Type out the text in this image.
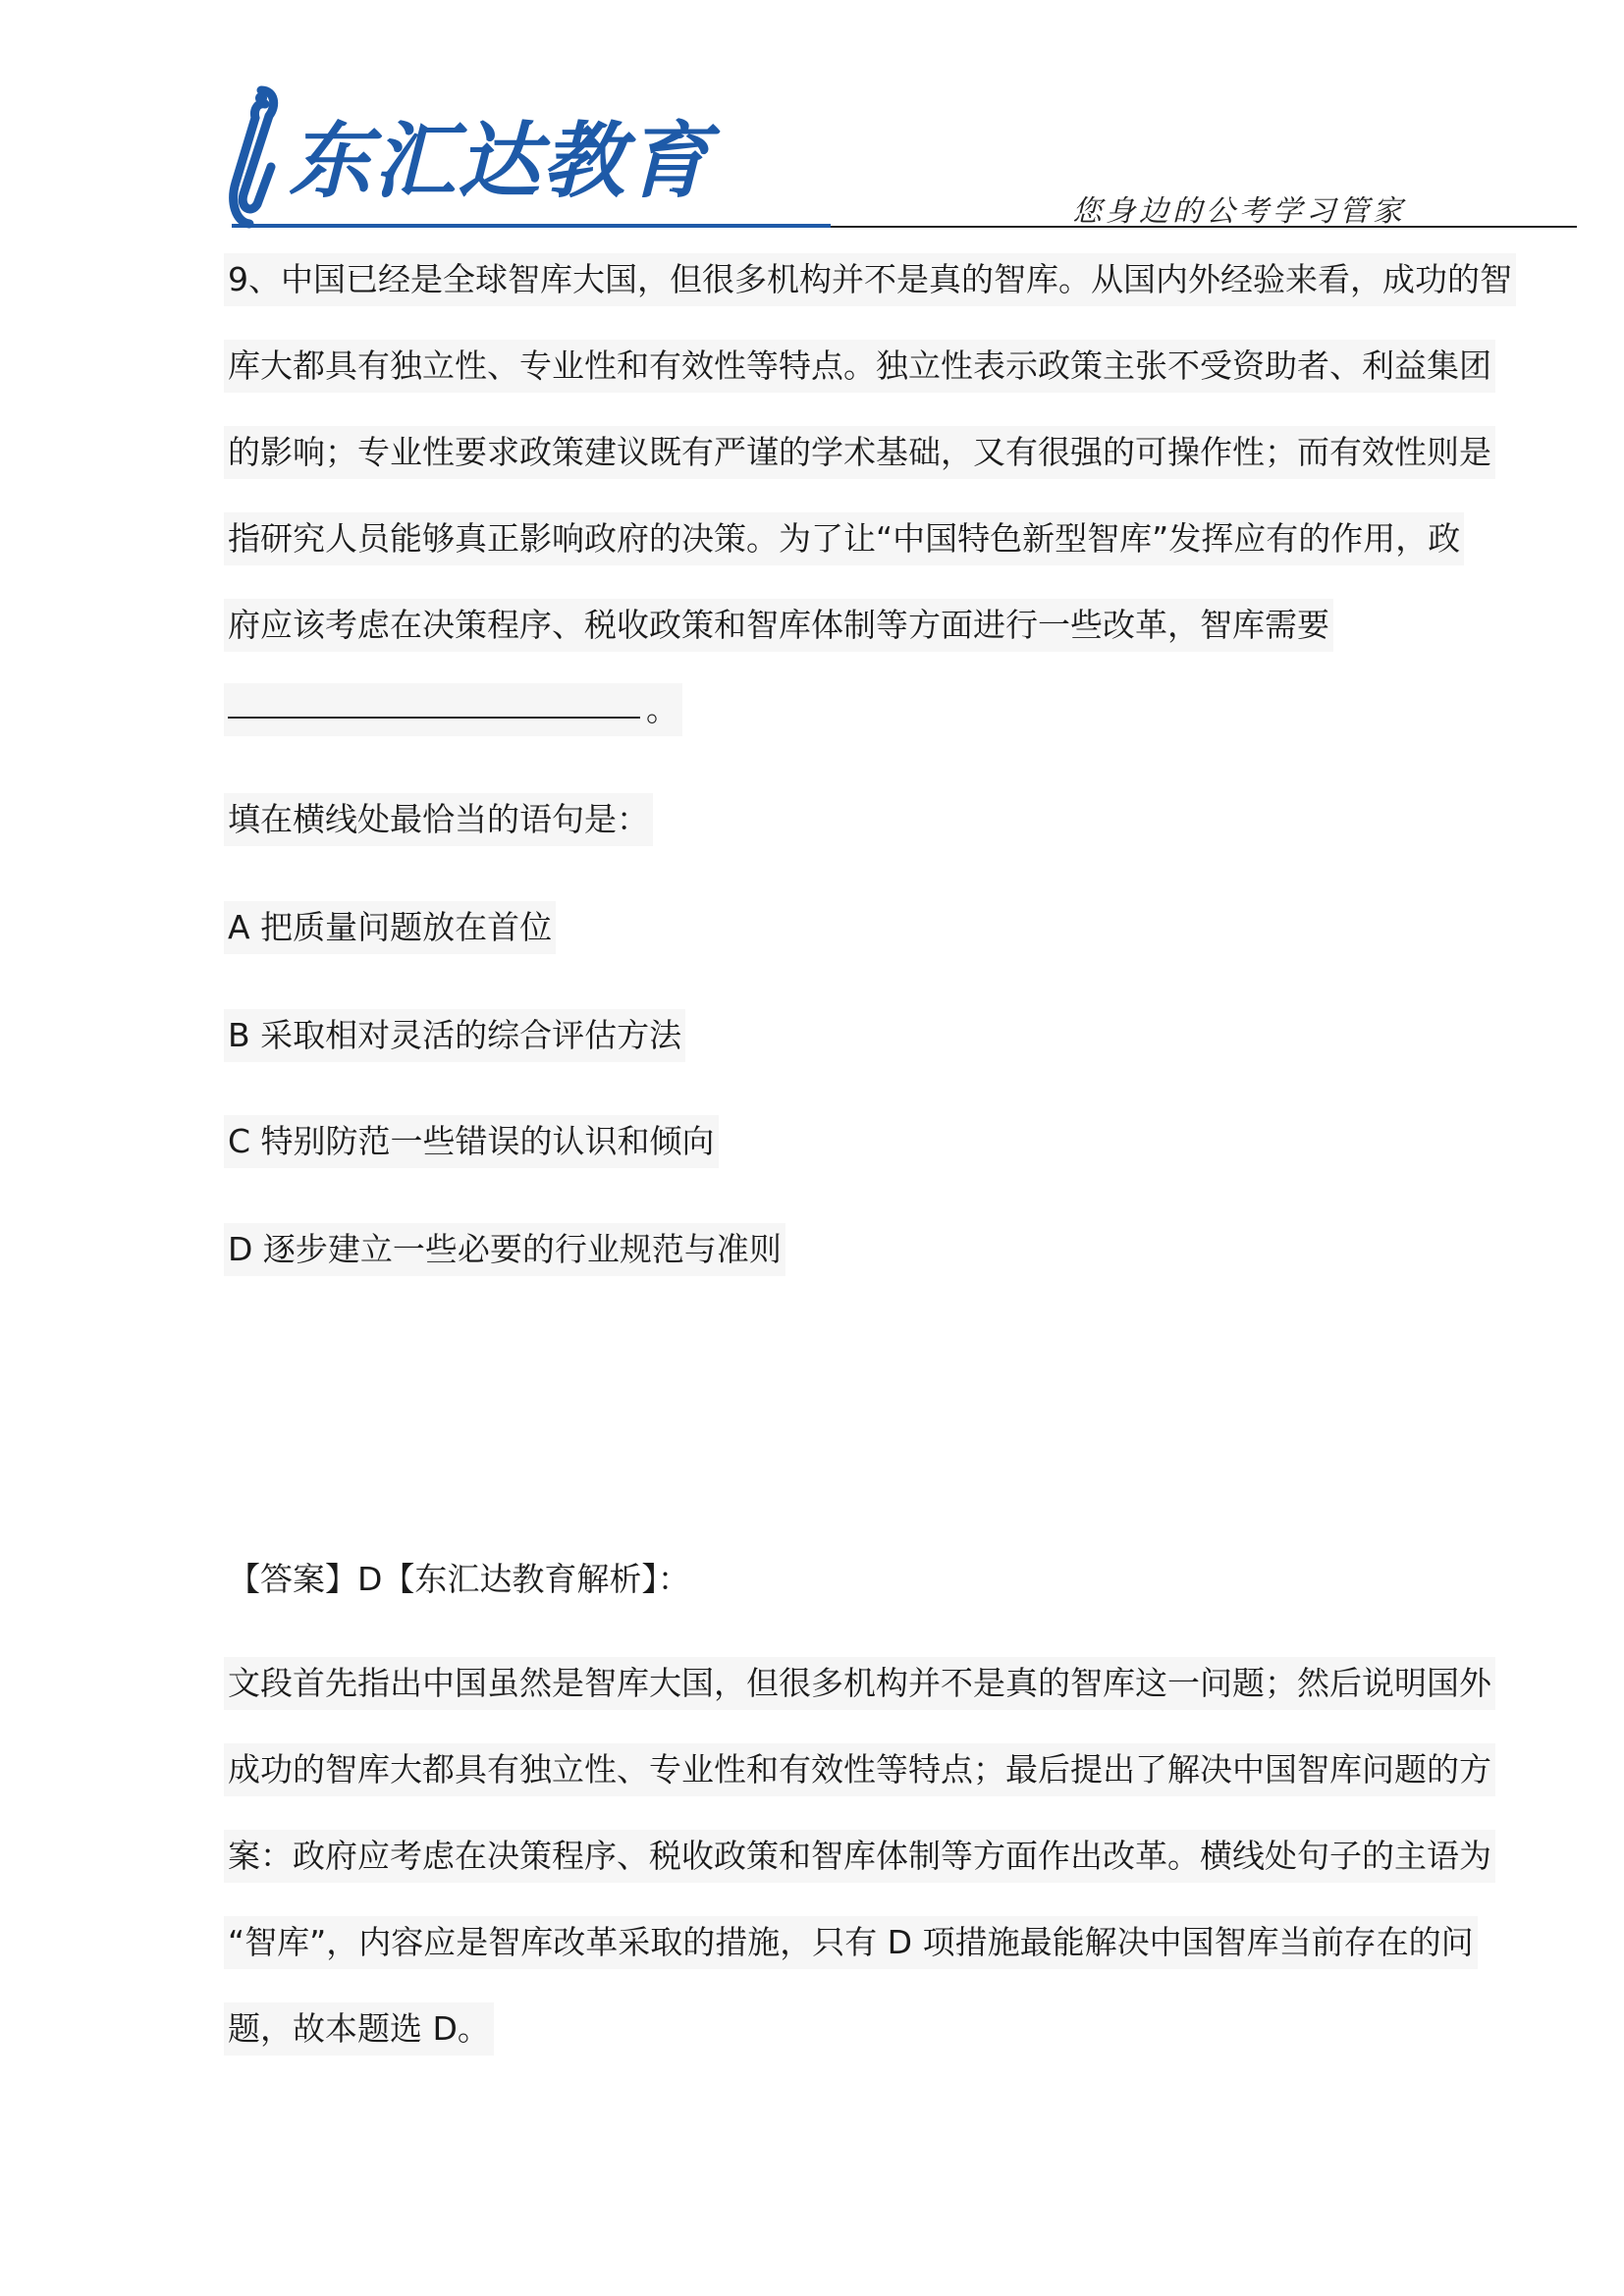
东汇达教育
您身边的公考学习管家
9、中国已经是全球智库大国，但很多机构并不是真的智库。从国内外经验来看，成功的智
库大都具有独立性、专业性和有效性等特点。独立性表示政策主张不受资助者、利益集团
的影响；专业性要求政策建议既有严谨的学术基础，又有很强的可操作性；而有效性则是
指研究人员能够真正影响政府的决策。为了让“中国特色新型智库”发挥应有的作用，政
府应该考虑在决策程序、税收政策和智库体制等方面进行一些改革，智库需要
。
填在横线处最恰当的语句是：
A 把质量问题放在首位
B 采取相对灵活的综合评估方法
C 特别防范一些错误的认识和倾向
D 逐步建立一些必要的行业规范与准则
【答案】D【东汇达教育解析】：
文段首先指出中国虽然是智库大国，但很多机构并不是真的智库这一问题；然后说明国外
成功的智库大都具有独立性、专业性和有效性等特点；最后提出了解决中国智库问题的方
案：政府应考虑在决策程序、税收政策和智库体制等方面作出改革。横线处句子的主语为
“智库”，内容应是智库改革采取的措施，只有 D 项措施最能解决中国智库当前存在的问
题，故本题选 D。
